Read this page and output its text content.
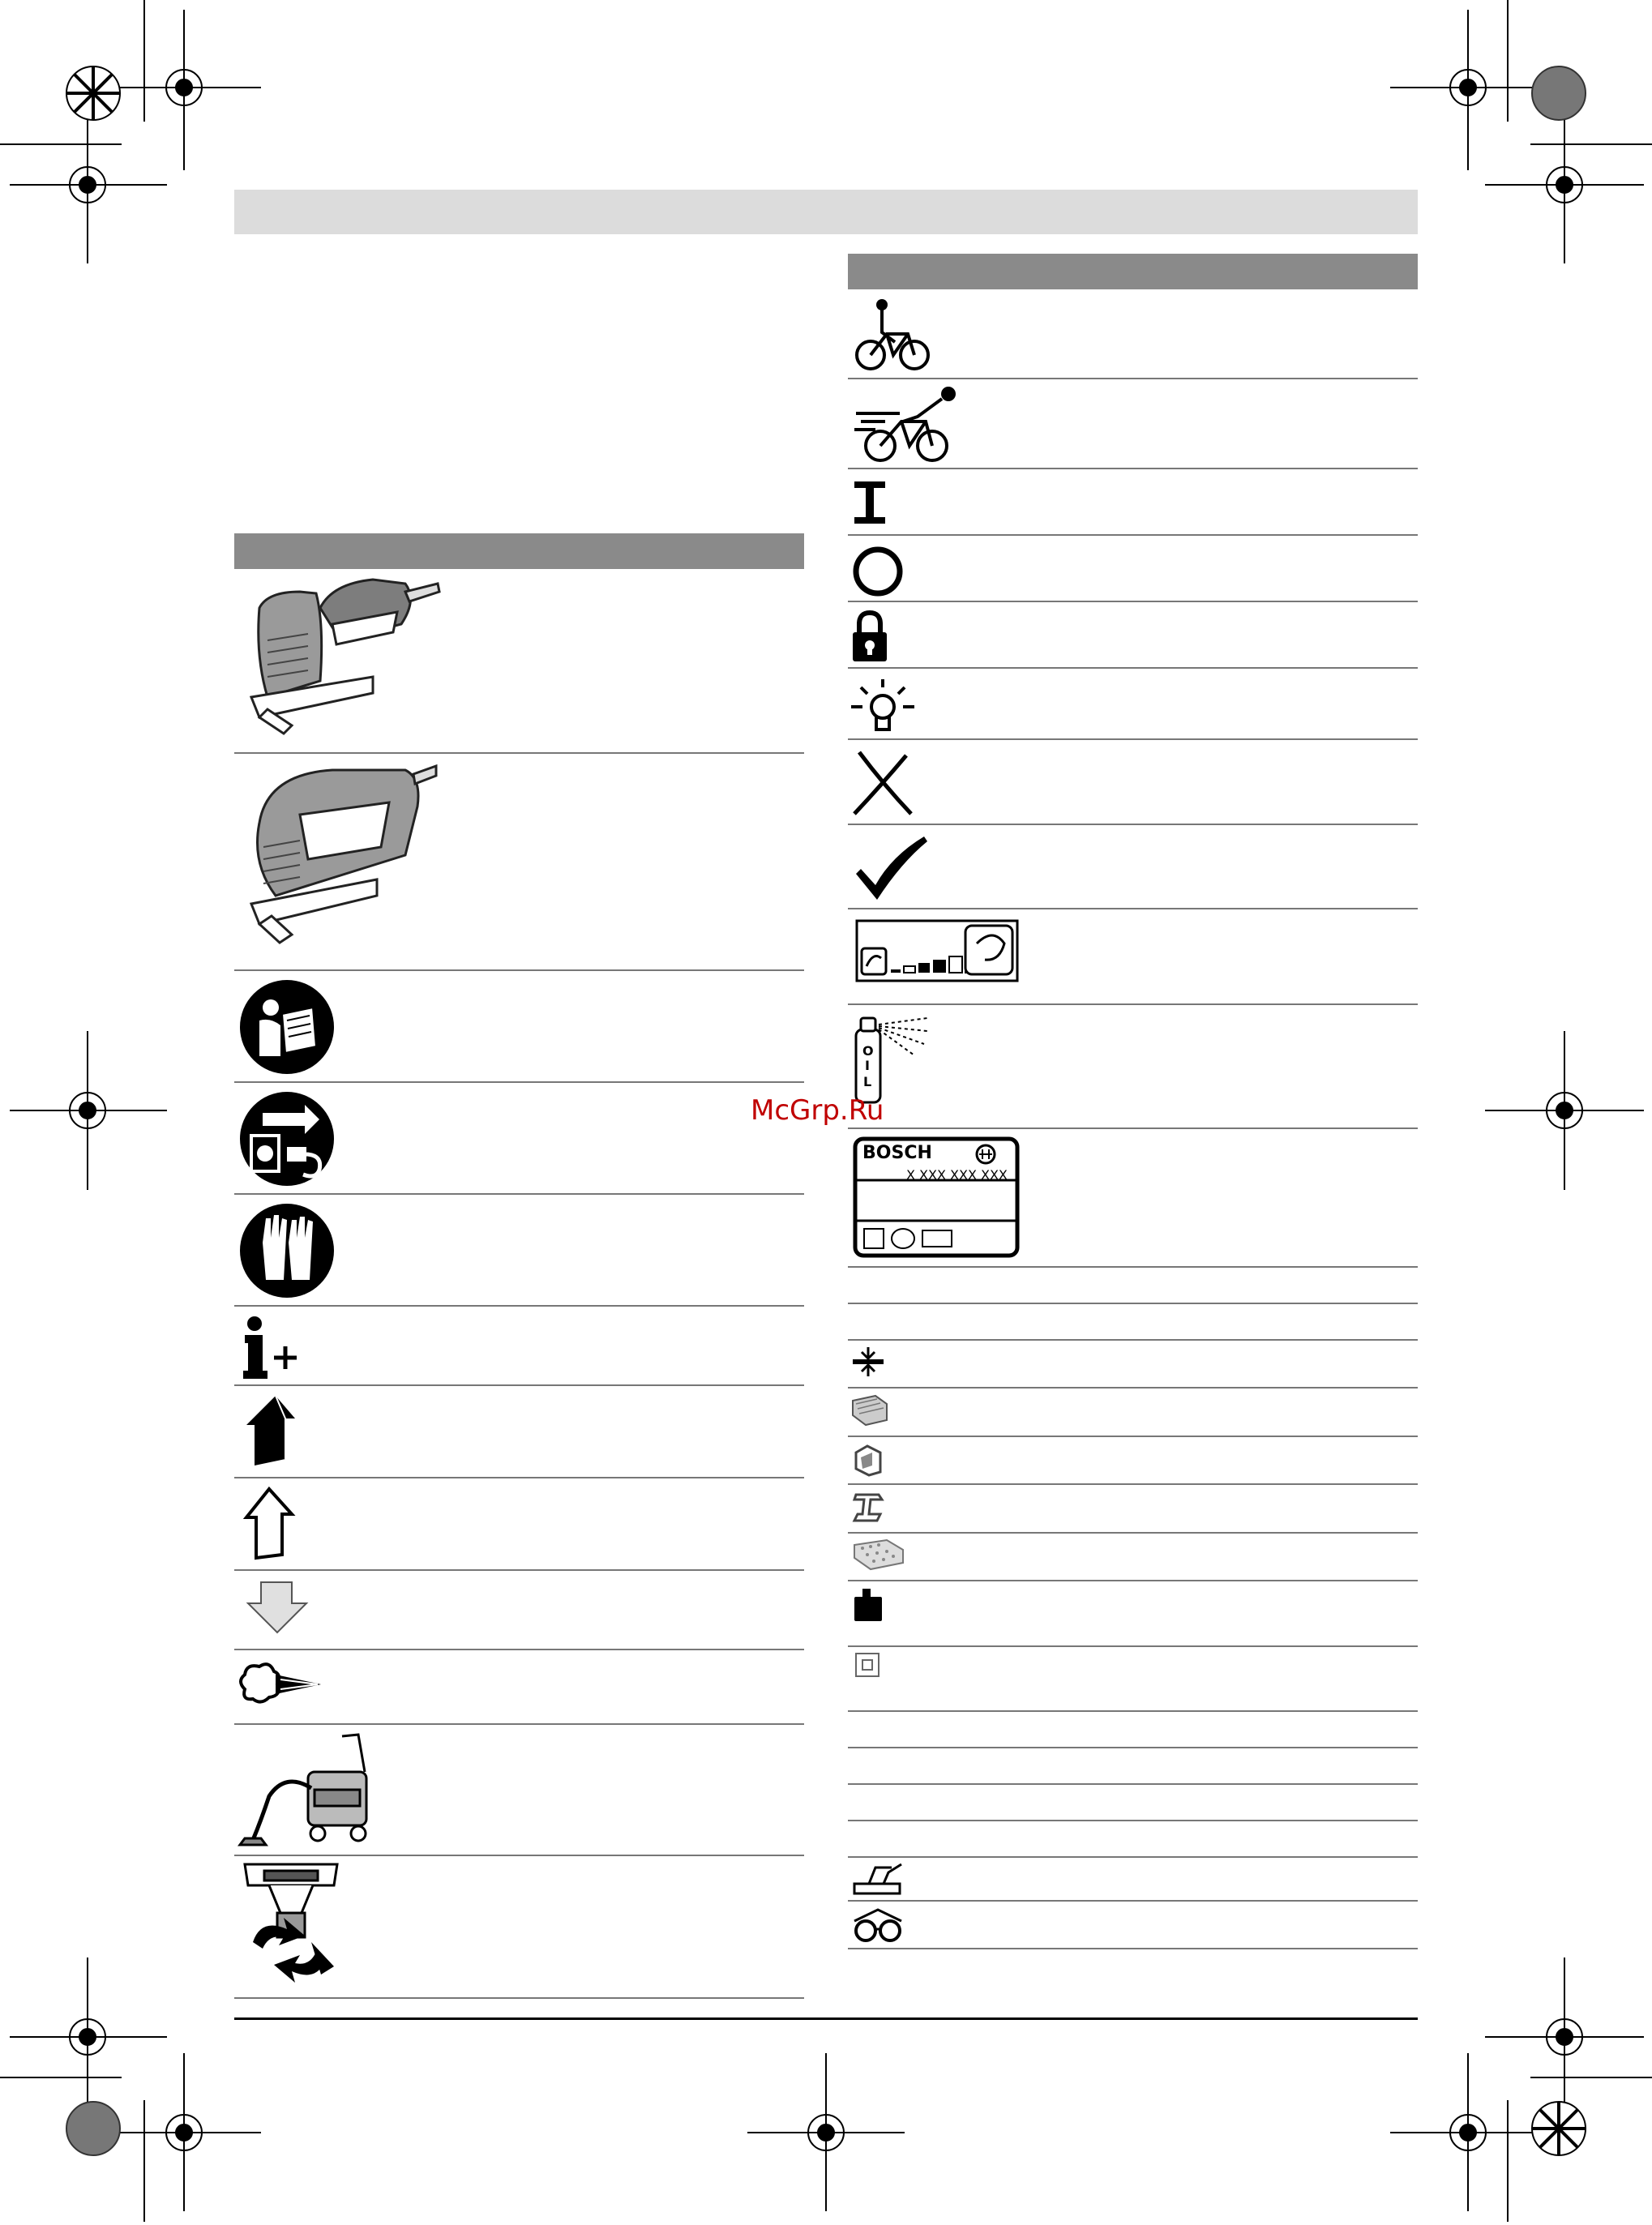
O
I
L
BOSCH
X XXX XXX XXX
McGrp.Ru
